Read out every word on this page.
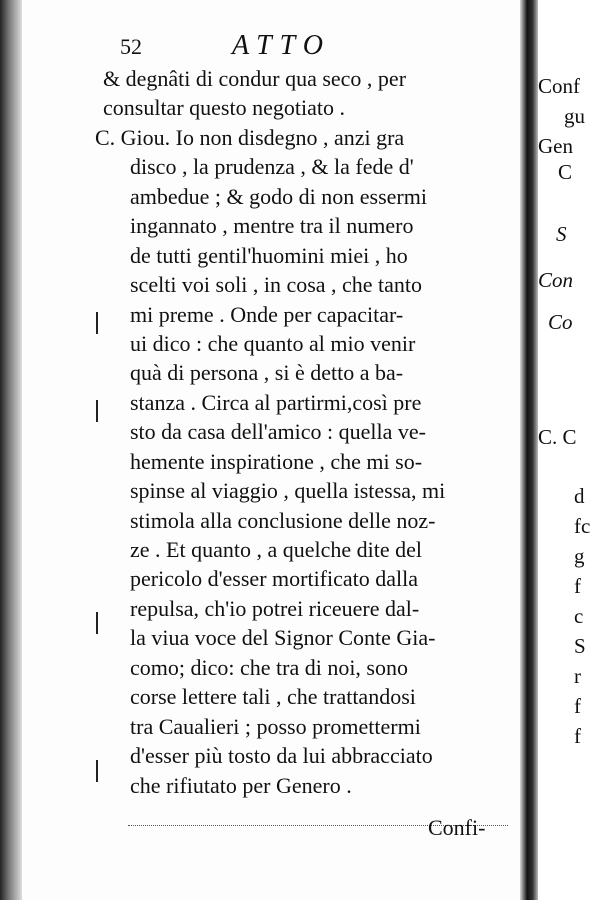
52	ATTO
& degnâti di condur qua seco , per
consultar questo negotiato .
C. Giou. Io non disdegno , anzi gra
disco , la prudenza , & la fede d'
ambedue ; & godo di non essermi
ingannato , mentre tra il numero
de tutti gentil'huomini miei , ho
scelti voi soli , in cosa , che tanto
mi preme . Onde per capacitar-
ui dico : che quanto al mio venir
quà di persona , si è detto a ba-
stanza . Circa al partirmi,così pre
sto da casa dell'amico : quella ve-
hemente inspiratione , che mi so-
spinse al viaggio , quella istessa, mi
stimola alla conclusione delle noz-
ze . Et quanto , a quelche dite del
pericolo d'esser mortificato dalla
repulsa, ch'io potrei riceuere dal-
la viua voce del Signor Conte Gia-
como; dico: che tra di noi, sono
corse lettere tali , che trattandosi
tra Caualieri ; posso promettermi
d'esser più tosto da lui abbracciato
che rifiutato per Genero .
Confi-
Conf
gu
Gen
C
S
Con
Co
C. C
d
fc
g
f
c
S
r
f
f
